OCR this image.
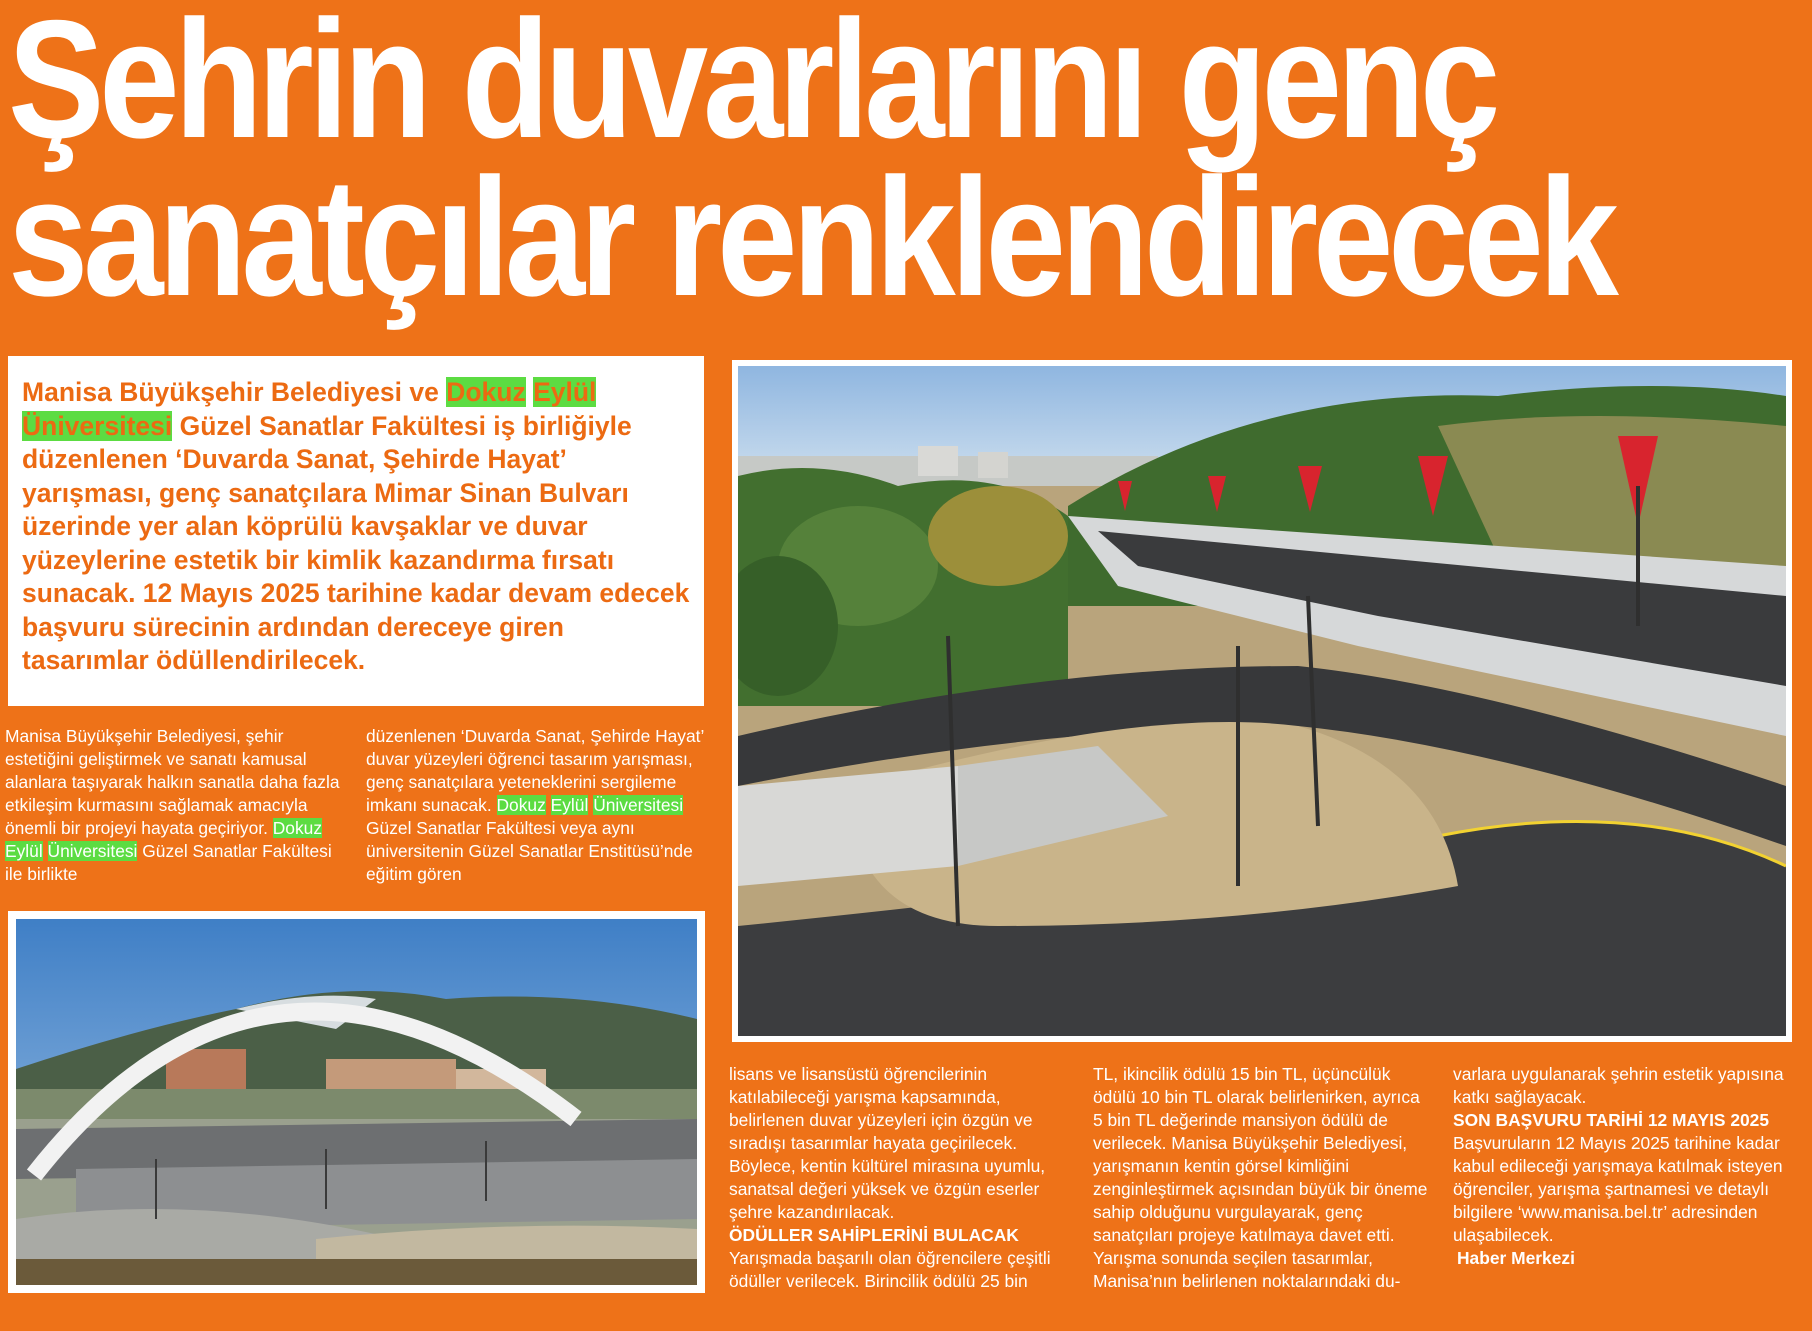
Şehrin duvarlarını genç
sanatçılar renklendirecek
Manisa Büyükşehir Belediyesi ve Dokuz Eylül Üniversitesi Güzel Sanatlar Fakültesi iş birliğiyle düzenlenen ‘Duvarda Sanat, Şehirde Hayat’ yarışması, genç sanatçılara Mimar Sinan Bulvarı üzerinde yer alan köprülü kavşaklar ve duvar yüzeylerine estetik bir kimlik kazandırma fırsatı sunacak. 12 Mayıs 2025 tarihine kadar devam edecek başvuru sürecinin ardından dereceye giren tasarımlar ödüllendirilecek.
Manisa Büyükşehir Belediyesi, şehir estetiğini geliştirmek ve sanatı kamusal alanlara taşıyarak halkın sanatla daha fazla etkileşim kurmasını sağlamak amacıyla önemli bir projeyi hayata geçiriyor. Dokuz Eylül Üniversitesi Güzel Sanatlar Fakültesi ile birlikte
düzenlenen ‘Duvarda Sanat, Şehirde Hayat’ duvar yüzeyleri öğrenci tasarım yarışması, genç sanatçılara yeteneklerini sergileme imkanı sunacak. Dokuz Eylül Üniversitesi Güzel Sanatlar Fakültesi veya aynı üniversitenin Güzel Sanatlar Enstitüsü’nde eğitim gören
lisans ve lisansüstü öğrencilerinin katılabileceği yarışma kapsamında, belirlenen duvar yüzeyleri için özgün ve sıradışı tasarımlar hayata geçirilecek. Böylece, kentin kültürel mirasına uyumlu, sanatsal değeri yüksek ve özgün eserler şehre kazandırılacak.
ÖDÜLLER SAHİPLERİNİ BULACAK
Yarışmada başarılı olan öğrencilere çeşitli ödüller verilecek. Birincilik ödülü 25 bin
TL, ikincilik ödülü 15 bin TL, üçüncülük ödülü 10 bin TL olarak belirlenirken, ayrıca 5 bin TL değerinde mansiyon ödülü de verilecek. Manisa Büyükşehir Belediyesi, yarışmanın kentin görsel kimliğini zenginleştirmek açısından büyük bir öneme sahip olduğunu vurgulayarak, genç sanatçıları projeye katılmaya davet etti. Yarışma sonunda seçilen tasarımlar, Manisa’nın belirlenen noktalarındaki du-
varlara uygulanarak şehrin estetik yapısına katkı sağlayacak.
SON BAŞVURU TARİHİ 12 MAYIS 2025
Başvuruların 12 Mayıs 2025 tarihine kadar kabul edileceği yarışmaya katılmak isteyen öğrenciler, yarışma şartnamesi ve detaylı bilgilere ‘www.manisa.bel.tr’ adresinden ulaşabilecek.
Haber Merkezi
